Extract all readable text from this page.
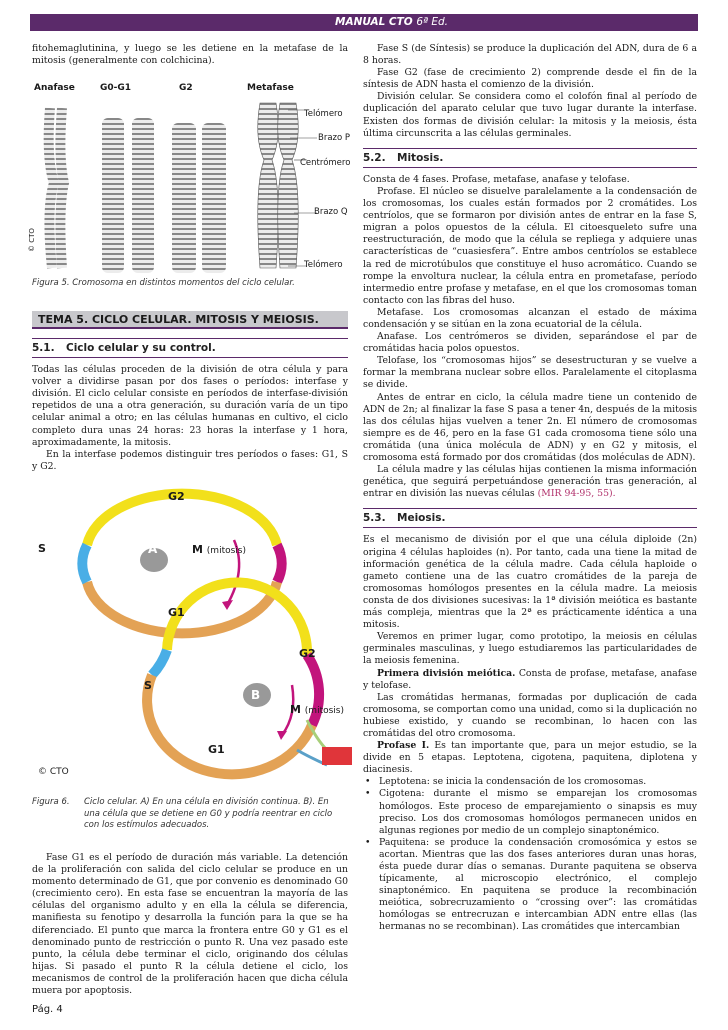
MANUAL CTO 6ª Ed.

fitohemaglutinina, y luego se les detiene en la metafase de la mitosis (generalmente con colchicina).

Anafase	G0-G1	G2	Metafase
Telómero
Brazo P
Centrómero
Brazo Q
Telómero
© CTO
Figura 5. Cromosoma en distintos momentos del ciclo celular.
TEMA 5. CICLO CELULAR. MITOSIS Y MEIOSIS.
5.1. Ciclo celular y su control.

Todas las células proceden de la división de otra célula y para volver a dividirse pasan por dos fases o períodos: interfase y división. El ciclo celular consiste en períodos de interfase-división repetidos de una a otra generación, su duración varía de un tipo celular animal a otro; en las células humanas en cultivo, el ciclo completo dura unas 24 horas: 23 horas la interfase y 1 hora, aproximadamente, la mitosis.

En la interfase podemos distinguir tres períodos o fases: G1, S y G2.

G2
S	A	M (mitosis)
G1
G2
S
B
M (mitosis)
G1
G0
© CTO
Figura 6.	Ciclo celular. A) En una célula en división continua. B). En una célula que se detiene en G0 y podría reentrar en ciclo con los estímulos adecuados.

Fase G1 es el período de duración más variable. La detención de la proliferación con salida del ciclo celular se produce en un momento determinado de G1, que por convenio es denominado G0 (crecimiento cero). En esta fase se encuentran la mayoría de las células del organismo adulto y en ella la célula se diferencia, manifiesta su fenotipo y desarrolla la función para la que se ha diferenciado. El punto que marca la frontera entre G0 y G1 es el denominado punto de restricción o punto R. Una vez pasado este punto, la célula debe terminar el ciclo, originando dos células hijas. Si pasado el punto R la célula detiene el ciclo, los mecanismos de control de la proliferación hacen que dicha célula muera por apoptosis.

Fase S (de Síntesis) se produce la duplicación del ADN, dura de 6 a 8 horas.

Fase G2 (fase de crecimiento 2) comprende desde el fin de la síntesis de ADN hasta el comienzo de la división.

División celular. Se considera como el colofón final al período de duplicación del aparato celular que tuvo lugar durante la interfase. Existen dos formas de división celular: la mitosis y la meiosis, ésta última circunscrita a las células germinales.

5.2. Mitosis.

Consta de 4 fases. Profase, metafase, anafase y telofase.

Profase. El núcleo se disuelve paralelamente a la condensación de los cromosomas, los cuales están formados por 2 cromátides. Los centríolos, que se formaron por división antes de entrar en la fase S, migran a polos opuestos de la célula. El citoesqueleto sufre una reestructuración, de modo que la célula se repliega y adquiere unas características de “cuasiesfera”. Entre ambos centríolos se establece la red de microtúbulos que constituye el huso acromático. Cuando se rompe la envoltura nuclear, la célula entra en prometafase, período intermedio entre profase y metafase, en el que los cromosomas toman contacto con las fibras del huso.

Metafase. Los cromosomas alcanzan el estado de máxima condensación y se sitúan en la zona ecuatorial de la célula.

Anafase. Los centrómeros se dividen, separándose el par de cromátidas hacia polos opuestos.

Telofase, los “cromosomas hijos” se desestructuran y se vuelve a formar la membrana nuclear sobre ellos. Paralelamente el citoplasma se divide.

Antes de entrar en ciclo, la célula madre tiene un contenido de ADN de 2n; al finalizar la fase S pasa a tener 4n, después de la mitosis las dos células hijas vuelven a tener 2n. El número de cromosomas siempre es de 46, pero en la fase G1 cada cromosoma tiene sólo una cromátida (una única molécula de ADN) y en G2 y mitosis, el cromosoma está formado por dos cromátidas (dos moléculas de ADN).

La célula madre y las células hijas contienen la misma información genética, que seguirá perpetuándose generación tras generación, al entrar en división las nuevas células (MIR 94-95, 55).

5.3. Meiosis.

Es el mecanismo de división por el que una célula diploide (2n) origina 4 células haploides (n). Por tanto, cada una tiene la mitad de información genética de la célula madre. Cada célula haploide o gameto contiene una de las cuatro cromátides de la pareja de cromosomas homólogos presentes en la célula madre. La meiosis consta de dos divisiones sucesivas: la 1ª división meiótica es bastante más compleja, mientras que la 2ª es prácticamente idéntica a una mitosis.

Veremos en primer lugar, como prototipo, la meiosis en células germinales masculinas, y luego estudiaremos las particularidades de la meiosis femenina.

Primera división meiótica. Consta de profase, metafase, anafase y telofase.

Las cromátidas hermanas, formadas por duplicación de cada cromosoma, se comportan como una unidad, como si la duplicación no hubiese existido, y cuando se recombinan, lo hacen con las cromátidas del otro cromosoma.

Profase I. Es tan importante que, para un mejor estudio, se la divide en 5 etapas. Leptotena, cigotena, paquitena, diplotena y diacinesis.

• Leptotena: se inicia la condensación de los cromosomas.
• Cigotena: durante el mismo se emparejan los cromosomas homólogos. Este proceso de emparejamiento o sinapsis es muy preciso. Los dos cromosomas homólogos permanecen unidos en algunas regiones por medio de un complejo sinaptonémico.
• Paquitena: se produce la condensación cromosómica y estos se acortan. Mientras que las dos fases anteriores duran unas horas, ésta puede durar días o semanas. Durante paquitena se observa típicamente, al microscopio electrónico, el complejo sinaptonémico. En paquitena se produce la recombinación meiótica, sobrecruzamiento o “crossing over”: las cromátidas homólogas se entrecruzan e intercambian ADN entre ellas (las hermanas no se recombinan). Las cromátides que intercambian
Pág. 4
